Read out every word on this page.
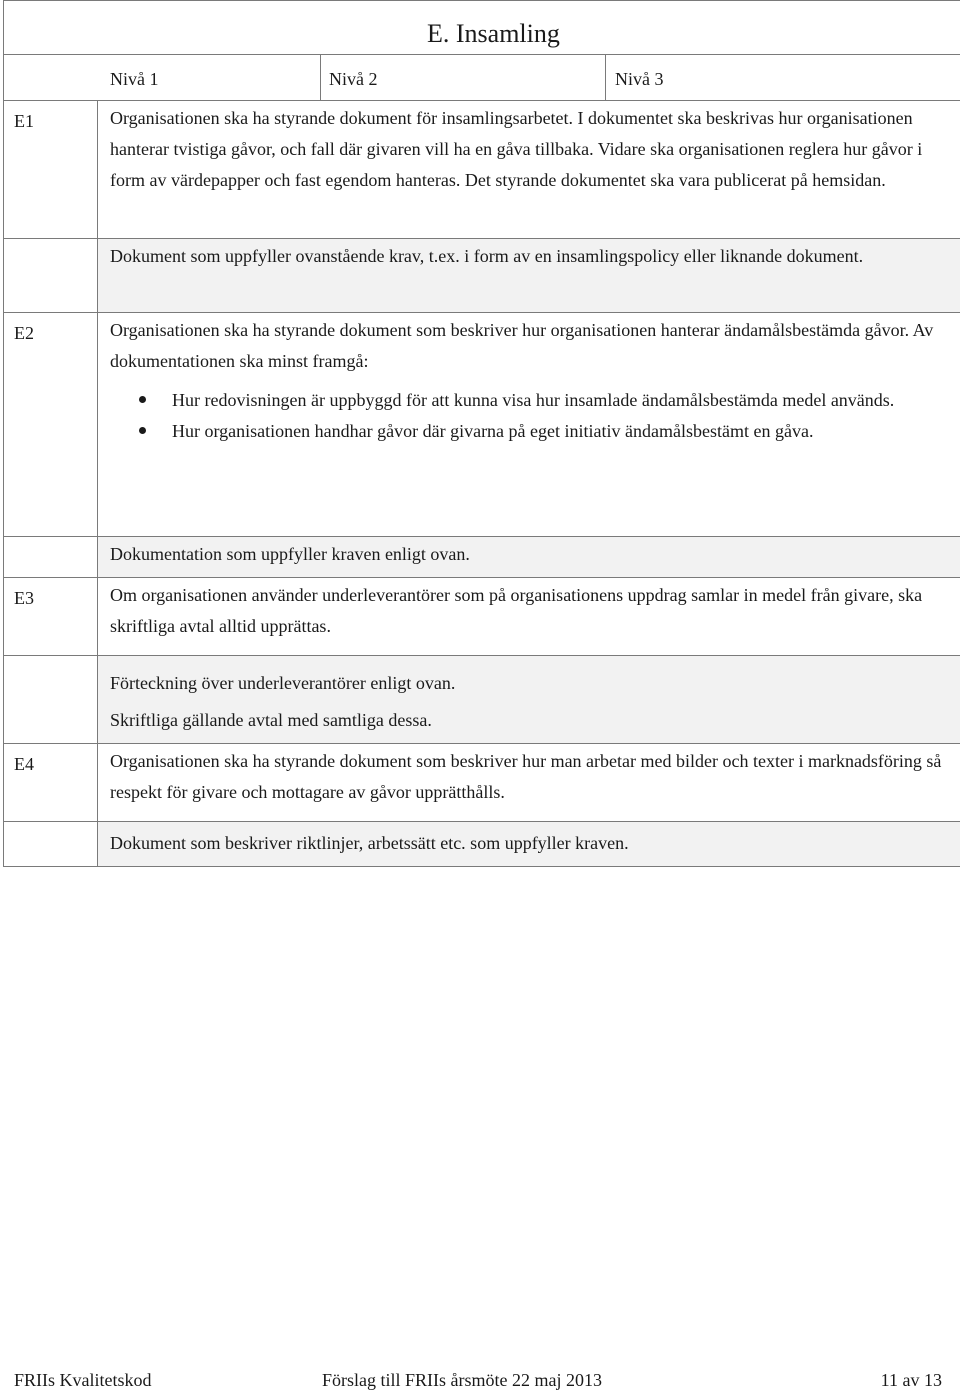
E. Insamling
Nivå 1	Nivå 2	Nivå 3
E1	Organisationen ska ha styrande dokument för insamlingsarbetet. I dokumentet ska beskrivas hur organisationen hanterar tvistiga gåvor, och fall där givaren vill ha en gåva tillbaka. Vidare ska organisationen reglera hur gåvor i form av värdepapper och fast egendom hanteras. Det styrande dokumentet ska vara publicerat på hemsidan.
Dokument som uppfyller ovanstående krav, t.ex. i form av en insamlingspolicy eller liknande dokument.
E2	Organisationen ska ha styrande dokument som beskriver hur organisationen hanterar ändamålsbestämda gåvor. Av dokumentationen ska minst framgå:
Hur redovisningen är uppbyggd för att kunna visa hur insamlade ändamålsbestämda medel används.
Hur organisationen handhar gåvor där givarna på eget initiativ ändamålsbestämt en gåva.
Dokumentation som uppfyller kraven enligt ovan.
E3	Om organisationen använder underleverantörer som på organisationens uppdrag samlar in medel från givare, ska skriftliga avtal alltid upprättas.
Förteckning över underleverantörer enligt ovan.
Skriftliga gällande avtal med samtliga dessa.
E4	Organisationen ska ha styrande dokument som beskriver hur man arbetar med bilder och texter i marknadsföring så respekt för givare och mottagare av gåvor upprätthålls.
Dokument som beskriver riktlinjer, arbetssätt etc. som uppfyller kraven.
FRIIs Kvalitetskod	Förslag till FRIIs årsmöte 22 maj 2013	11 av 13
